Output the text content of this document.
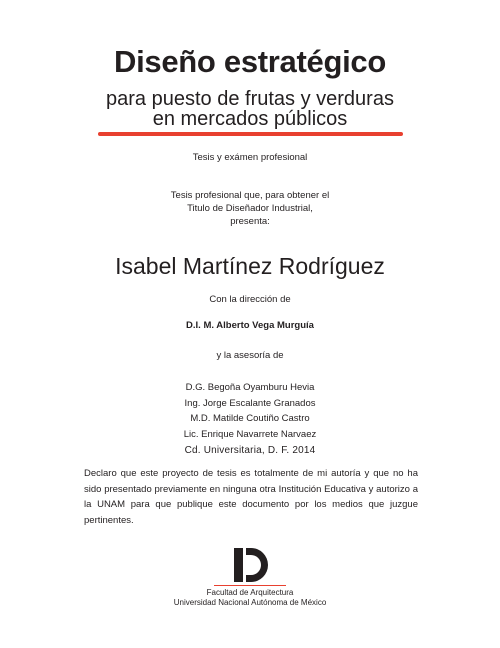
Diseño estratégico
para puesto de frutas y verduras
en mercados públicos
Tesis y exámen profesional
Tesis profesional que, para obtener el
Titulo de Diseñador Industrial,
presenta:
Isabel Martínez Rodríguez
Con la dirección de
D.I. M. Alberto Vega Murguía
y la asesoría de
D.G. Begoña Oyamburu Hevia
Ing. Jorge Escalante Granados
M.D. Matilde Coutiño Castro
Lic. Enrique Navarrete Narvaez
Cd. Universitaria, D. F. 2014
Declaro que este proyecto de tesis es totalmente de mi autoría y que no ha sido presentado previamente en ninguna otra Institución Educativa y autorizo a la UNAM para que publique este documento por los medios que juzgue pertinentes.
Facultad de Arquitectura
Universidad Nacional Autónoma de México
